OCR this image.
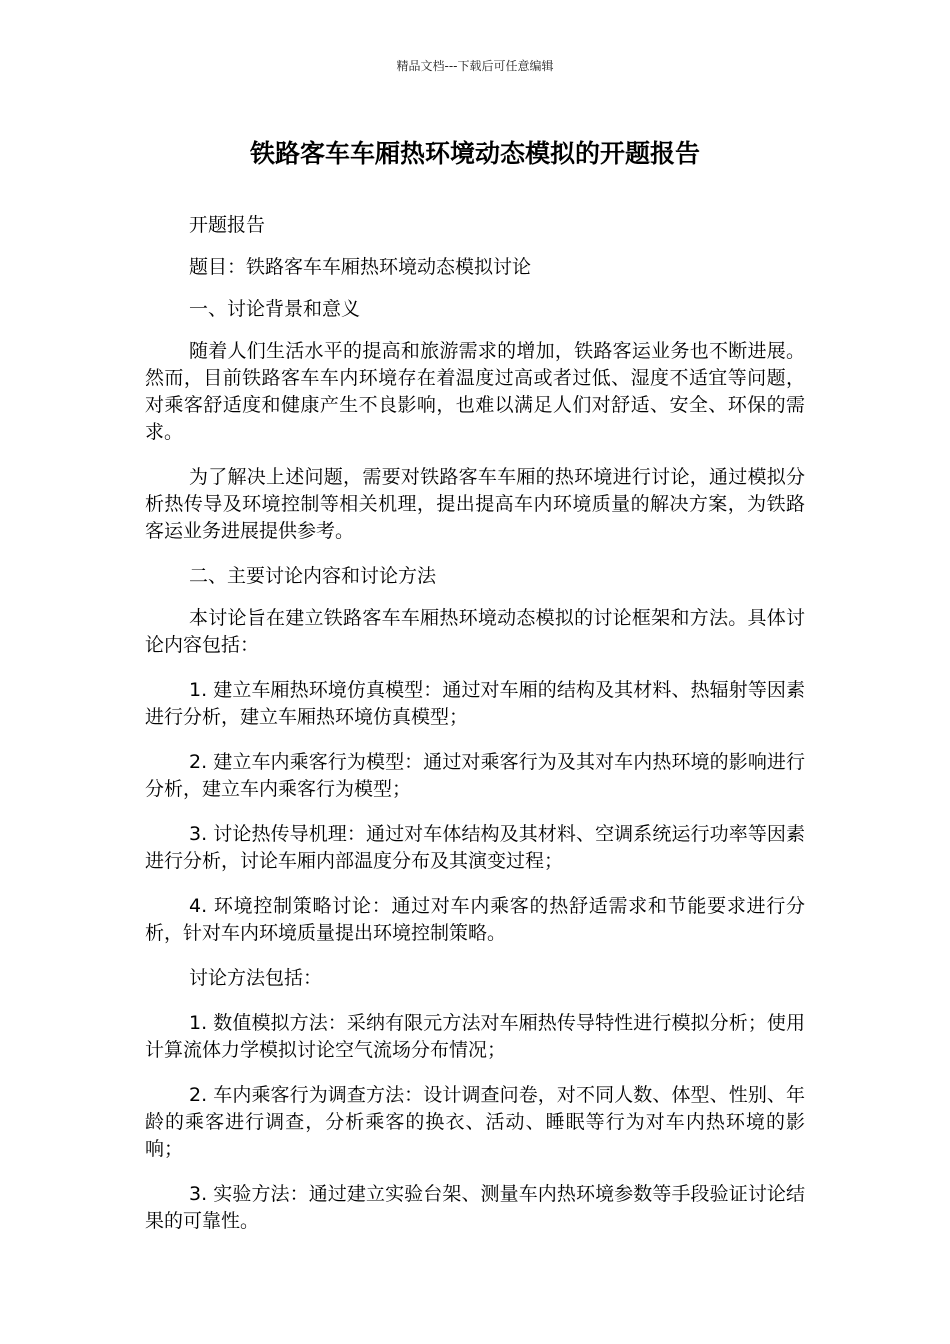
精品文档---下载后可任意编辑
铁路客车车厢热环境动态模拟的开题报告

开题报告

题目：铁路客车车厢热环境动态模拟讨论

一、讨论背景和意义

随着人们生活水平的提高和旅游需求的增加，铁路客运业务也不断进展。然而，目前铁路客车车内环境存在着温度过高或者过低、湿度不适宜等问题，对乘客舒适度和健康产生不良影响，也难以满足人们对舒适、安全、环保的需求。

为了解决上述问题，需要对铁路客车车厢的热环境进行讨论，通过模拟分析热传导及环境控制等相关机理，提出提高车内环境质量的解决方案，为铁路客运业务进展提供参考。

二、主要讨论内容和讨论方法

本讨论旨在建立铁路客车车厢热环境动态模拟的讨论框架和方法。具体讨论内容包括：

1. 建立车厢热环境仿真模型：通过对车厢的结构及其材料、热辐射等因素进行分析，建立车厢热环境仿真模型；

2. 建立车内乘客行为模型：通过对乘客行为及其对车内热环境的影响进行分析，建立车内乘客行为模型；

3. 讨论热传导机理：通过对车体结构及其材料、空调系统运行功率等因素进行分析，讨论车厢内部温度分布及其演变过程；

4. 环境控制策略讨论：通过对车内乘客的热舒适需求和节能要求进行分析，针对车内环境质量提出环境控制策略。

讨论方法包括：

1. 数值模拟方法：采纳有限元方法对车厢热传导特性进行模拟分析；使用计算流体力学模拟讨论空气流场分布情况；

2. 车内乘客行为调查方法：设计调查问卷，对不同人数、体型、性别、年龄的乘客进行调查，分析乘客的换衣、活动、睡眠等行为对车内热环境的影响；

3. 实验方法：通过建立实验台架、测量车内热环境参数等手段验证讨论结果的可靠性。
